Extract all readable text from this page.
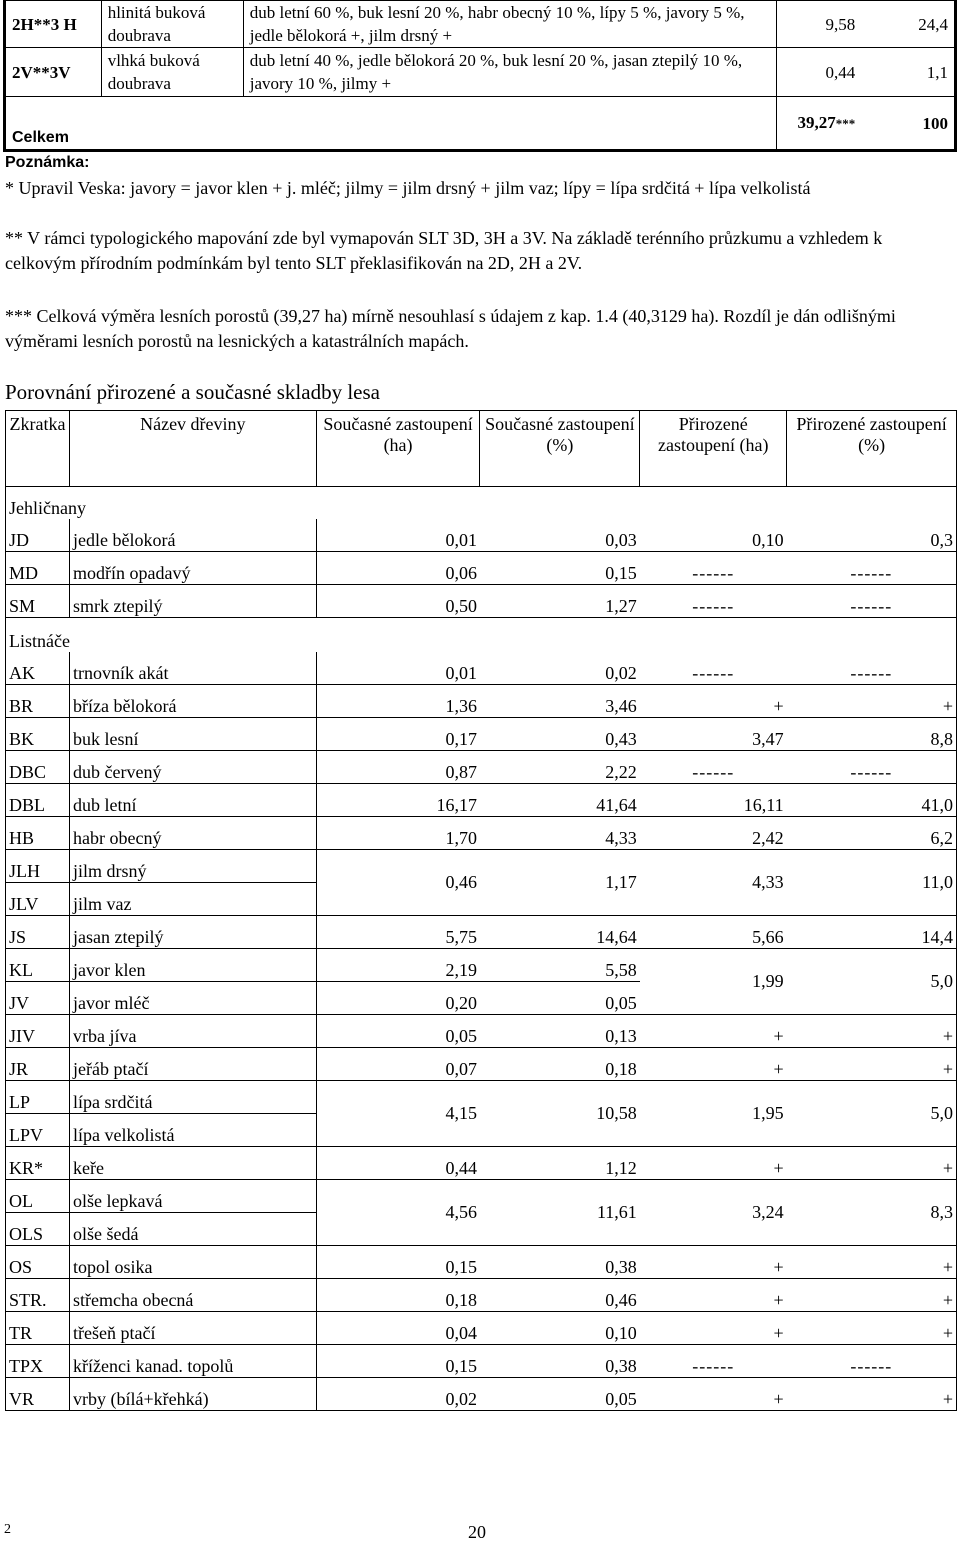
2H**3 H	hlinitá buková doubrava	dub letní 60 %, buk lesní 20 %, habr obecný 10 %, lípy 5 %, javory 5 %, jedle bělokorá +, jilm drsný +	9,58	24,4
2V**3V	vlhká buková doubrava	dub letní 40 %, jedle bělokorá 20 %, buk lesní 20 %, jasan ztepilý 10 %, javory 10 %, jilmy +	0,44	1,1
Celkem			39,27***	100
Poznámka:
* Upravil Veska: javory = javor klen + j. mléč; jilmy = jilm drsný + jilm vaz; lípy = lípa srdčitá + lípa velkolistá
** V rámci typologického mapování zde byl vymapován SLT 3D, 3H a 3V. Na základě terénního průzkumu a vzhledem k celkovým přírodním podmínkám byl tento SLT překlasifikován na 2D, 2H a 2V.
*** Celková výměra lesních porostů (39,27 ha) mírně nesouhlasí s údajem z kap. 1.4 (40,3129 ha). Rozdíl je dán odlišnými výměrami lesních porostů na lesnických a katastrálních mapách.
Porovnání přirozené a současné skladby lesa
Zkratka	Název dřeviny	Současné zastoupení (ha)	Současné zastoupení (%)	Přirozené zastoupení (ha)	Přirozené zastoupení (%)
Jehličnany					
JD	jedle bělokorá	0,01	0,03	0,10	0,3
MD	modřín opadavý	0,06	0,15	------	------
SM	smrk ztepilý	0,50	1,27	------	------
Listnáče					
AK	trnovník akát	0,01	0,02	------	------
BR	bříza bělokorá	1,36	3,46	+	+
BK	buk lesní	0,17	0,43	3,47	8,8
DBC	dub červený	0,87	2,22	------	------
DBL	dub letní	16,17	41,64	16,11	41,0
HB	habr obecný	1,70	4,33	2,42	6,2
JLH	jilm drsný	0,46	1,17	4,33	11,0
JLV	jilm vaz				
JS	jasan ztepilý	5,75	14,64	5,66	14,4
KL	javor klen	2,19	5,58	1,99	5,0
JV	javor mléč	0,20	0,05		
JIV	vrba jíva	0,05	0,13	+	+
JR	jeřáb ptačí	0,07	0,18	+	+
LP	lípa srdčitá	4,15	10,58	1,95	5,0
LPV	lípa velkolistá				
KR*	keře	0,44	1,12	+	+
OL	olše lepkavá	4,56	11,61	3,24	8,3
OLS	olše šedá				
OS	topol osika	0,15	0,38	+	+
STR.	střemcha obecná	0,18	0,46	+	+
TR	třešeň ptačí	0,04	0,10	+	+
TPX	kříženci kanad. topolů	0,15	0,38	------	------
VR	vrby (bílá+křehká)	0,02	0,05	+	+
2	20
